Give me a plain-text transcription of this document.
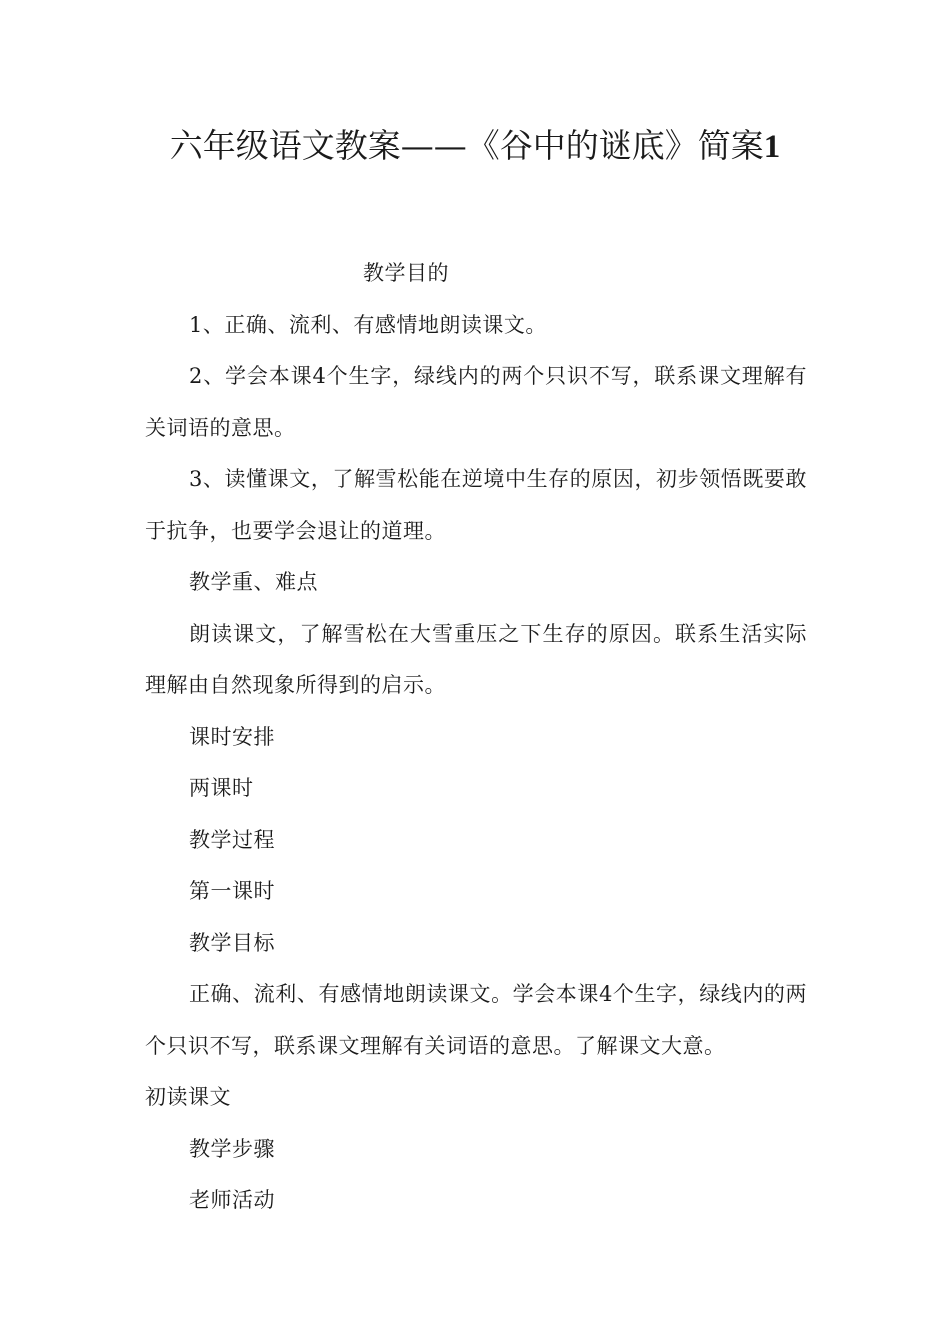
六年级语文教案——《谷中的谜底》简案1

教学目的

1、正确、流利、有感情地朗读课文。

2、学会本课4个生字，绿线内的两个只识不写，联系课文理解有关词语的意思。

3、读懂课文，了解雪松能在逆境中生存的原因，初步领悟既要敢于抗争，也要学会退让的道理。

教学重、难点

朗读课文，了解雪松在大雪重压之下生存的原因。联系生活实际理解由自然现象所得到的启示。

课时安排

两课时

教学过程

第一课时

教学目标

正确、流利、有感情地朗读课文。学会本课4个生字，绿线内的两个只识不写，联系课文理解有关词语的意思。了解课文大意。

初读课文

教学步骤

老师活动
